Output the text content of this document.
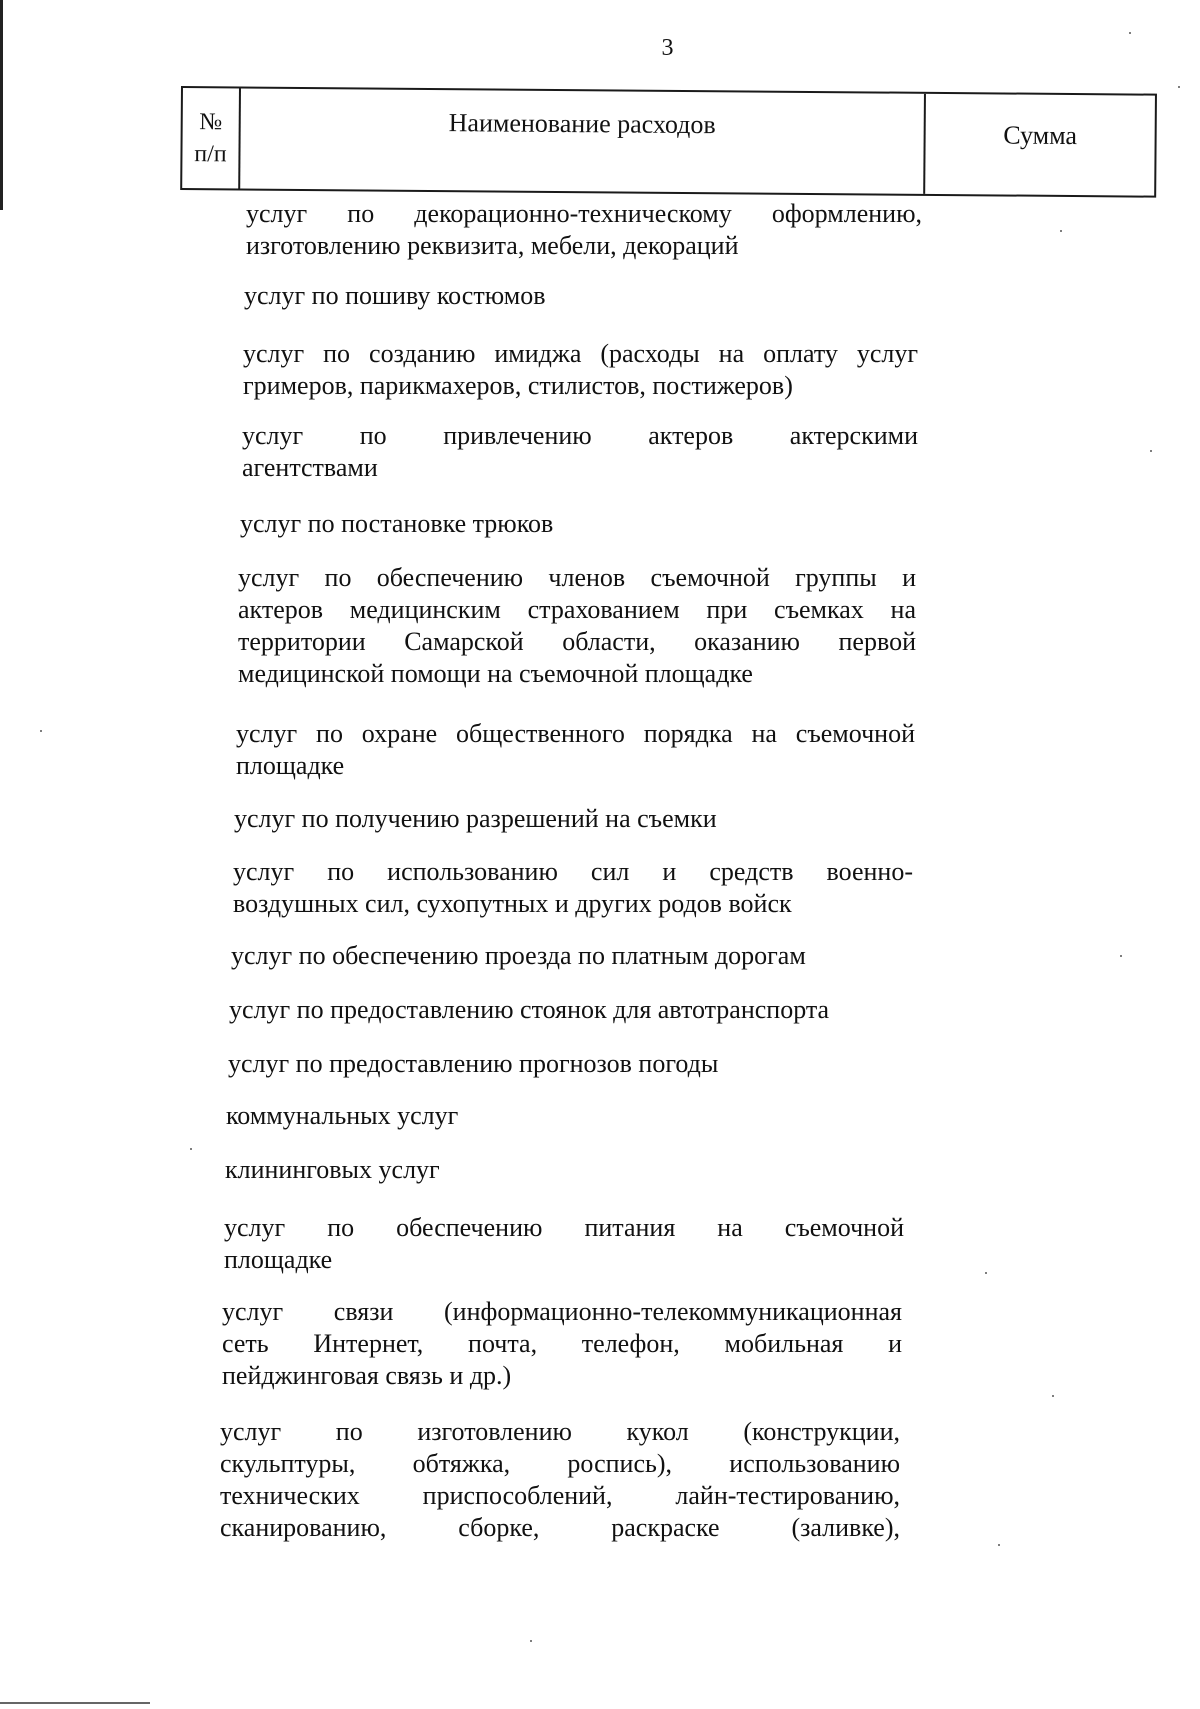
3
№
п/п
Наименование расходов	Сумма
услуг по декорационно-техническому оформлению,
изготовлению реквизита, мебели, декораций
услуг по пошиву костюмов
услуг по созданию имиджа (расходы на оплату услуг
гримеров, парикмахеров, стилистов, постижеров)
услуг по привлечению актеров актерскими
агентствами
услуг по постановке трюков
услуг по обеспечению членов съемочной группы и
актеров медицинским страхованием при съемках на
территории Самарской области, оказанию первой
медицинской помощи на съемочной площадке
услуг по охране общественного порядка на съемочной
площадке
услуг по получению разрешений на съемки
услуг по использованию сил и средств военно-
воздушных сил, сухопутных и других родов войск
услуг по обеспечению проезда по платным дорогам
услуг по предоставлению стоянок для автотранспорта
услуг по предоставлению прогнозов погоды
коммунальных услуг
клининговых услуг
услуг по обеспечению питания на съемочной
площадке
услуг связи (информационно-телекоммуникационная
сеть Интернет, почта, телефон, мобильная и
пейджинговая связь и др.)
услуг по изготовлению кукол (конструкции,
скульптуры, обтяжка, роспись), использованию
технических приспособлений, лайн-тестированию,
сканированию, сборке, раскраске (заливке),
